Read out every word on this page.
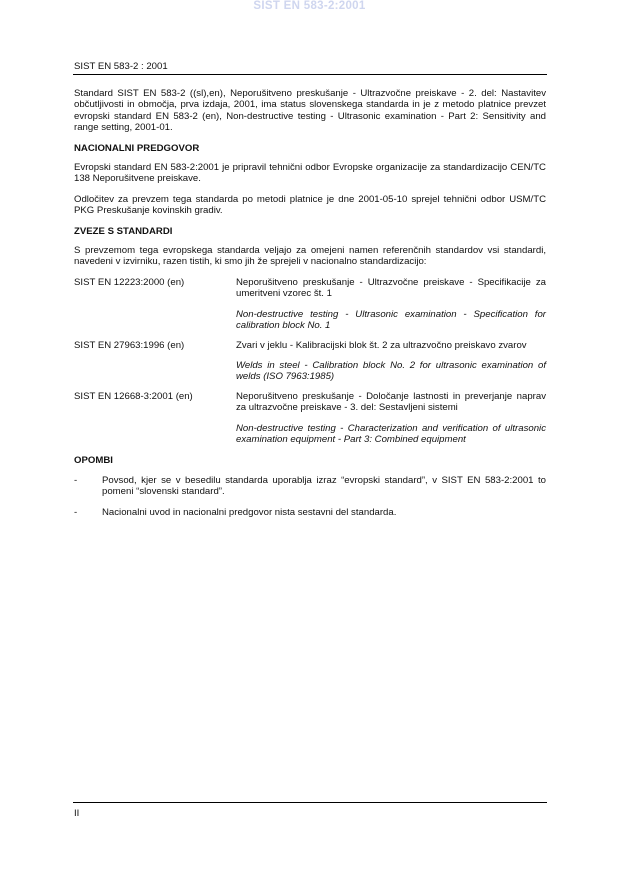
SIST EN 583-2:2001
SIST EN 583-2 : 2001

Standard SIST EN 583-2 ((sl),en), Neporušitveno preskušanje - Ultrazvočne preiskave - 2. del: Nastavitev občutljivosti in območja, prva izdaja, 2001, ima status slovenskega standarda in je z metodo platnice prevzet evropski standard EN 583-2 (en), Non-destructive testing - Ultrasonic examination - Part 2: Sensitivity and range setting, 2001-01.

NACIONALNI PREDGOVOR

Evropski standard EN 583-2:2001 je pripravil tehnični odbor Evropske organizacije za standardizacijo CEN/TC 138 Neporušitvene preiskave.

Odločitev za prevzem tega standarda po metodi platnice je dne 2001-05-10 sprejel tehnični odbor USM/TC PKG Preskušanje kovinskih gradiv.

ZVEZE S STANDARDI

S prevzemom tega evropskega standarda veljajo za omejeni namen referenčnih standardov vsi standardi, navedeni v izvirniku, razen tistih, ki smo jih že sprejeli v nacionalno standardizacijo:

SIST EN 12223:2000 (en)	Neporušitveno preskušanje - Ultrazvočne preiskave - Specifikacije za umeritveni vzorec št. 1

Non-destructive testing - Ultrasonic examination - Specification for calibration block No. 1

SIST EN 27963:1996 (en)	Zvari v jeklu - Kalibracijski blok št. 2 za ultrazvočno preiskavo zvarov

Welds in steel - Calibration block No. 2 for ultrasonic examination of welds (ISO 7963:1985)

SIST EN 12668-3:2001 (en)	Neporušitveno preskušanje - Določanje lastnosti in preverjanje naprav za ultrazvočne preiskave - 3. del: Sestavljeni sistemi

Non-destructive testing - Characterization and verification of ultrasonic examination equipment - Part 3: Combined equipment

OPOMBI
-	Povsod, kjer se v besedilu standarda uporablja izraz “evropski standard”, v SIST EN 583-2:2001 to pomeni “slovenski standard”.
-	Nacionalni uvod in nacionalni predgovor nista sestavni del standarda.
II
